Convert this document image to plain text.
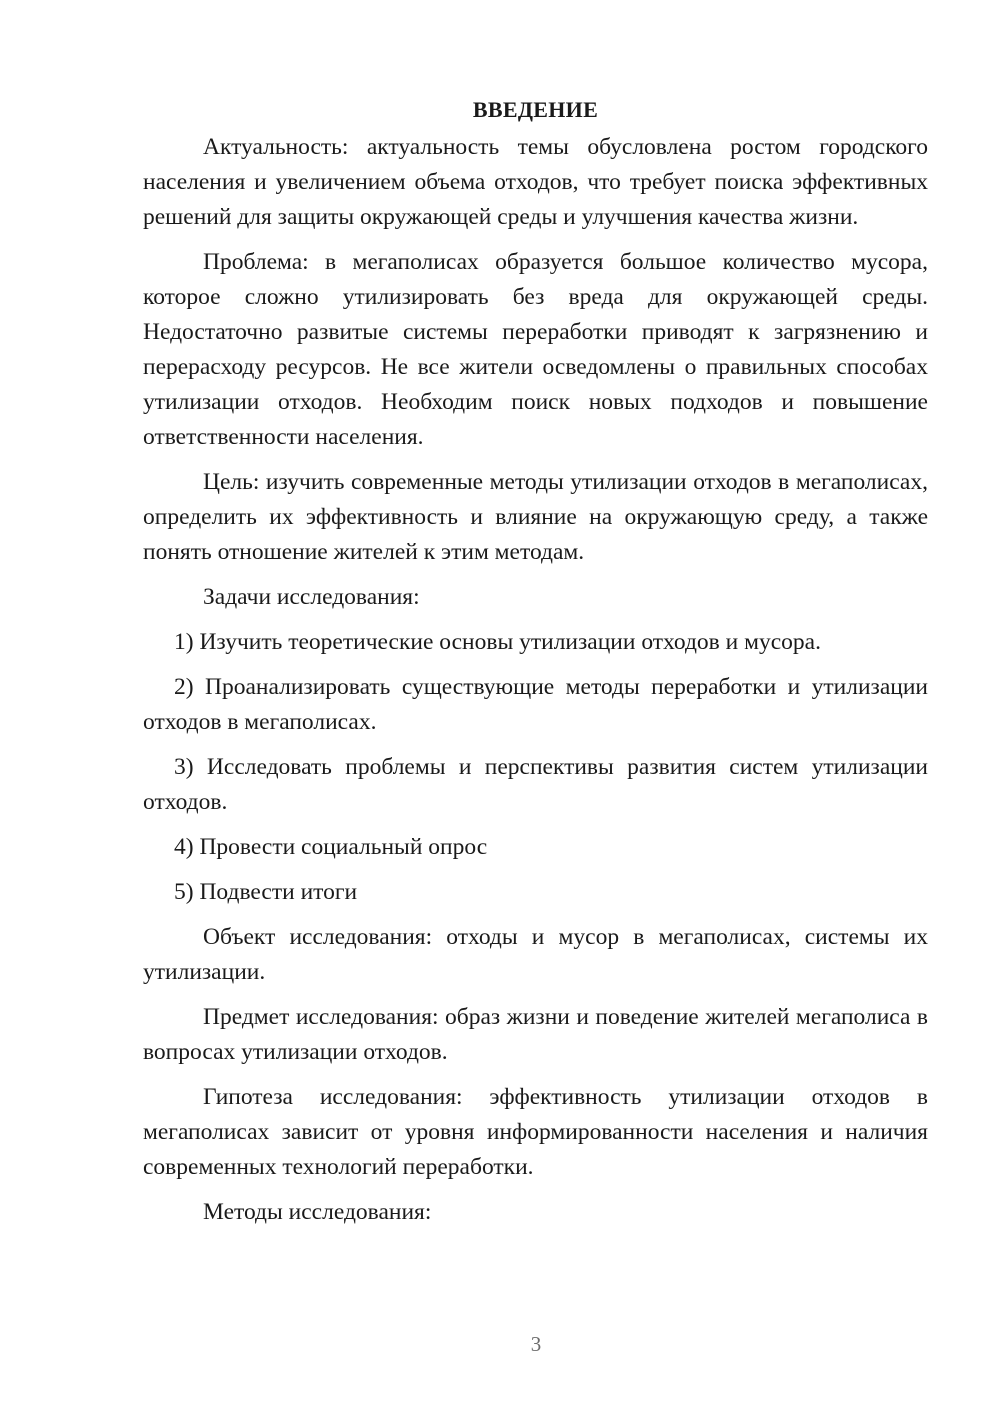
ВВЕДЕНИЕ

Актуальность: актуальность темы обусловлена ростом городского населения и увеличением объема отходов, что требует поиска эффективных решений для защиты окружающей среды и улучшения качества жизни.

Проблема: в мегаполисах образуется большое количество мусора, которое сложно утилизировать без вреда для окружающей среды. Недостаточно развитые системы переработки приводят к загрязнению и перерасходу ресурсов. Не все жители осведомлены о правильных способах утилизации отходов. Необходим поиск новых подходов и повышение ответственности населения.

Цель: изучить современные методы утилизации отходов в мегаполисах, определить их эффективность и влияние на окружающую среду, а также понять отношение жителей к этим методам.

Задачи исследования:

1) Изучить теоретические основы утилизации отходов и мусора.

2) Проанализировать существующие методы переработки и утилизации отходов в мегаполисах.

3) Исследовать проблемы и перспективы развития систем утилизации отходов.

4) Провести социальный опрос

5) Подвести итоги

Объект исследования: отходы и мусор в мегаполисах, системы их утилизации.

Предмет исследования: образ жизни и поведение жителей мегаполиса в вопросах утилизации отходов.

Гипотеза исследования: эффективность утилизации отходов в мегаполисах зависит от уровня информированности населения и наличия современных технологий переработки.

Методы исследования:

3
